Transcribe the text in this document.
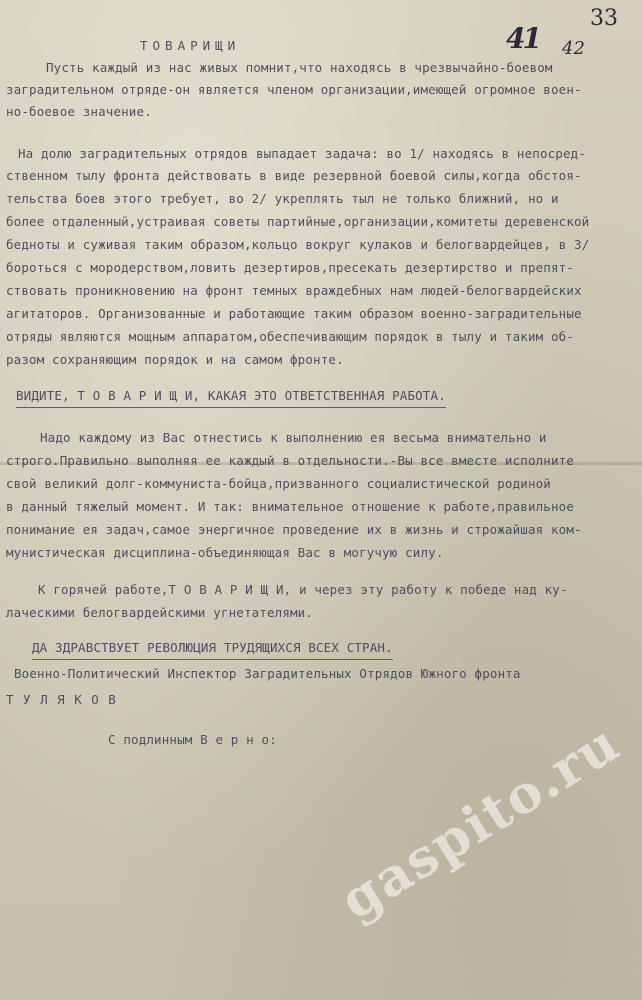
33
41 42
ТОВАРИЩИ
Пусть каждый из нас живых помнит,что находясь в чрезвычайно-боевом
заградительном отряде-он является членом организации,имеющей огромное воен-
но-боевое значение.
На долю заградительных отрядов выпадает задача: во 1/ находясь в непосред-
ственном тылу фронта действовать в виде резервной боевой силы,когда обстоя-
тельства боев этого требует, во 2/ укреплять тыл не только ближний, но и
более отдаленный,устраивая советы партийные,организации,комитеты деревенской
бедноты и суживая таким образом,кольцо вокруг кулаков и белогвардейцев, в 3/
бороться с мородерством,ловить дезертиров,пресекать дезертирство и препят-
ствовать проникновению на фронт темных враждебных нам людей-белогвардейских
агитаторов. Организованные и работающие таким образом военно-заградительные
отряды являются мощным аппаратом,обеспечивающим порядок в тылу и таким об-
разом сохраняющим порядок и на самом фронте.
ВИДИТЕ, Т О В А Р И Щ И, КАКАЯ ЭТО ОТВЕТСТВЕННАЯ РАБОТА.
Надо каждому из Вас отнестись к выполнению ея весьма внимательно и
строго.Правильно выполняя ее каждый в отдельности.-Вы все вместе исполните
свой великий долг-коммуниста-бойца,призванного социалистической родиной
в данный тяжелый момент. И так: внимательное отношение к работе,правильное
понимание ея задач,самое энергичное проведение их в жизнь и строжайшая ком-
мунистическая дисциплина-объединяющая Вас в могучую силу.
К горячей работе,Т О В А Р И Щ И, и через эту работу к победе над ку-
лаческими белогвардейскими угнетателями.
ДА ЗДРАВСТВУЕТ РЕВОЛЮЦИЯ ТРУДЯЩИХСЯ ВСЕХ СТРАН.
Военно-Политический Инспектор Заградительных Отрядов Южного фронта
Т У Л Я К О В
С подлинным В е р н о: gaspito.ru
